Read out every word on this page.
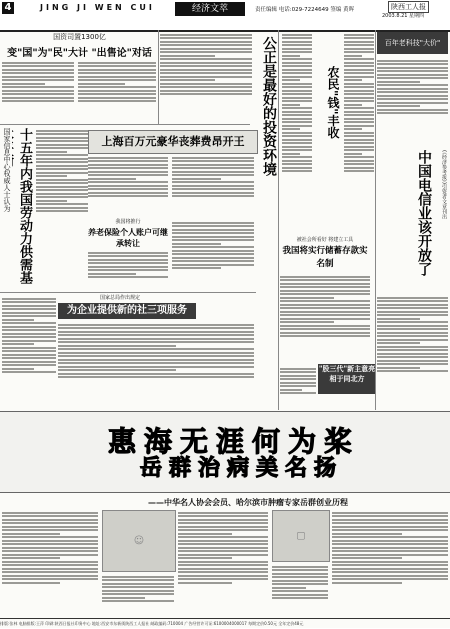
4	JING JI WEN CUI	经济文萃	责任编辑 电话:029-7224649 签编 黄晖	陕西工人报
2003.8.21 星期四
国资司置1300亿
变"国"为"民"大计 "出售论"对话
国家信息中心权威人士认为 十五年内我国劳动力供需基
公正是最好的投资环境
上海百万元豪华丧葬费昂开王
我国将推行
养老保险个人账户可继承转让
国家总局作出规定
为企业提供新的社三项服务
被社会所看好 将建立工具
我国将实行储蓄存款实名制
"股三代"新主意亮相于同北方
农民"钱"丰收
百年老科技"大价"
(《经济参考报》)引资者文章刊出
中国电信业该开放了
惠海无涯何为桨
岳群治病美名扬
——中华名人协会会员、哈尔滨市肿瘤专家岳群创业历程
☺	▢
排版:张林 电脑排版:王萍 印刷:陕西日报社印务中心 地址:西安市东新街陕西工人报社 邮政编码:710004 广告经营许可证:6100004000017 每期定价0.50元 全年定价48元
